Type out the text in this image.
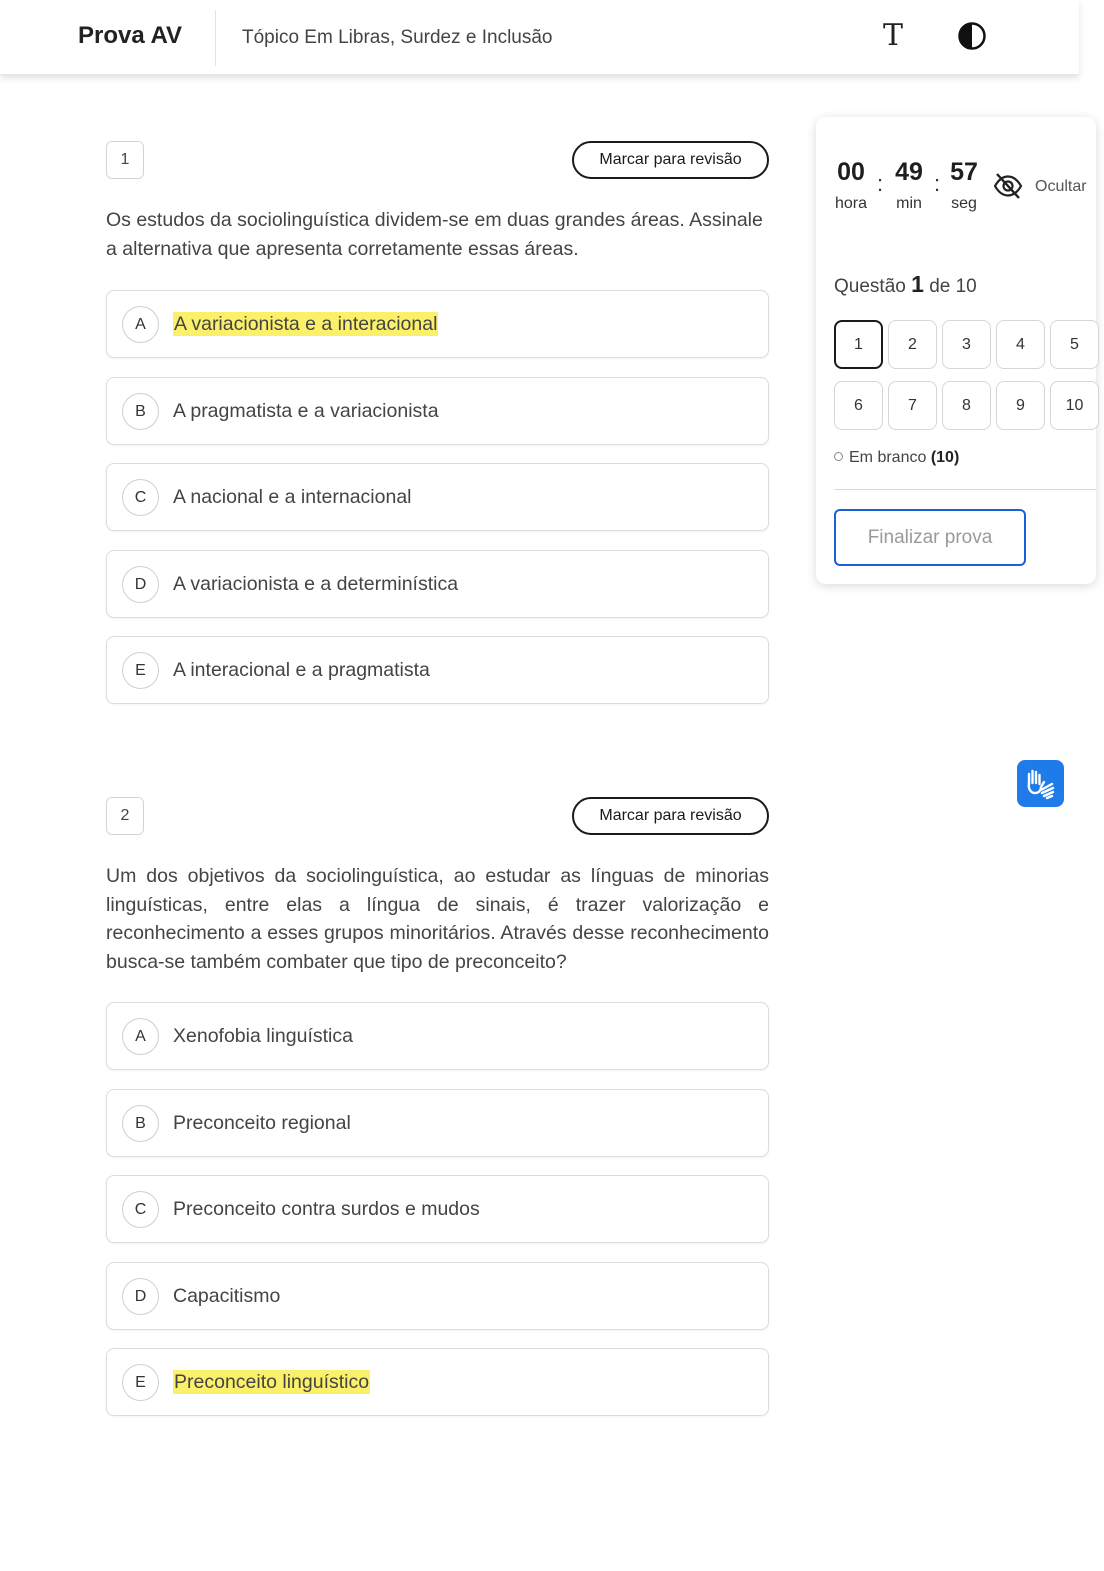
Prova AV	Tópico Em Libras, Surdez e Inclusão	T
1	Marcar para revisão
Os estudos da sociolinguística dividem-se em duas grandes áreas. Assinale a alternativa que apresenta corretamente essas áreas.
A	A variacionista e a interacional
B	A pragmatista e a variacionista
C	A nacional e a internacional
D	A variacionista e a determinística
E	A interacional e a pragmatista
2	Marcar para revisão
Um dos objetivos da sociolinguística, ao estudar as línguas de minorias linguísticas, entre elas a língua de sinais, é trazer valorização e reconhecimento a esses grupos minoritários. Através desse reconhecimento busca-se também combater que tipo de preconceito?
A	Xenofobia linguística
B	Preconceito regional
C	Preconceito contra surdos e mudos
D	Capacitismo
E	Preconceito linguístico
00
hora
: 49
min
: 57
seg
Ocultar
Questão 1 de 10
1	2	3	4	5
6	7	8	9	10
Em branco (10)
Finalizar prova
